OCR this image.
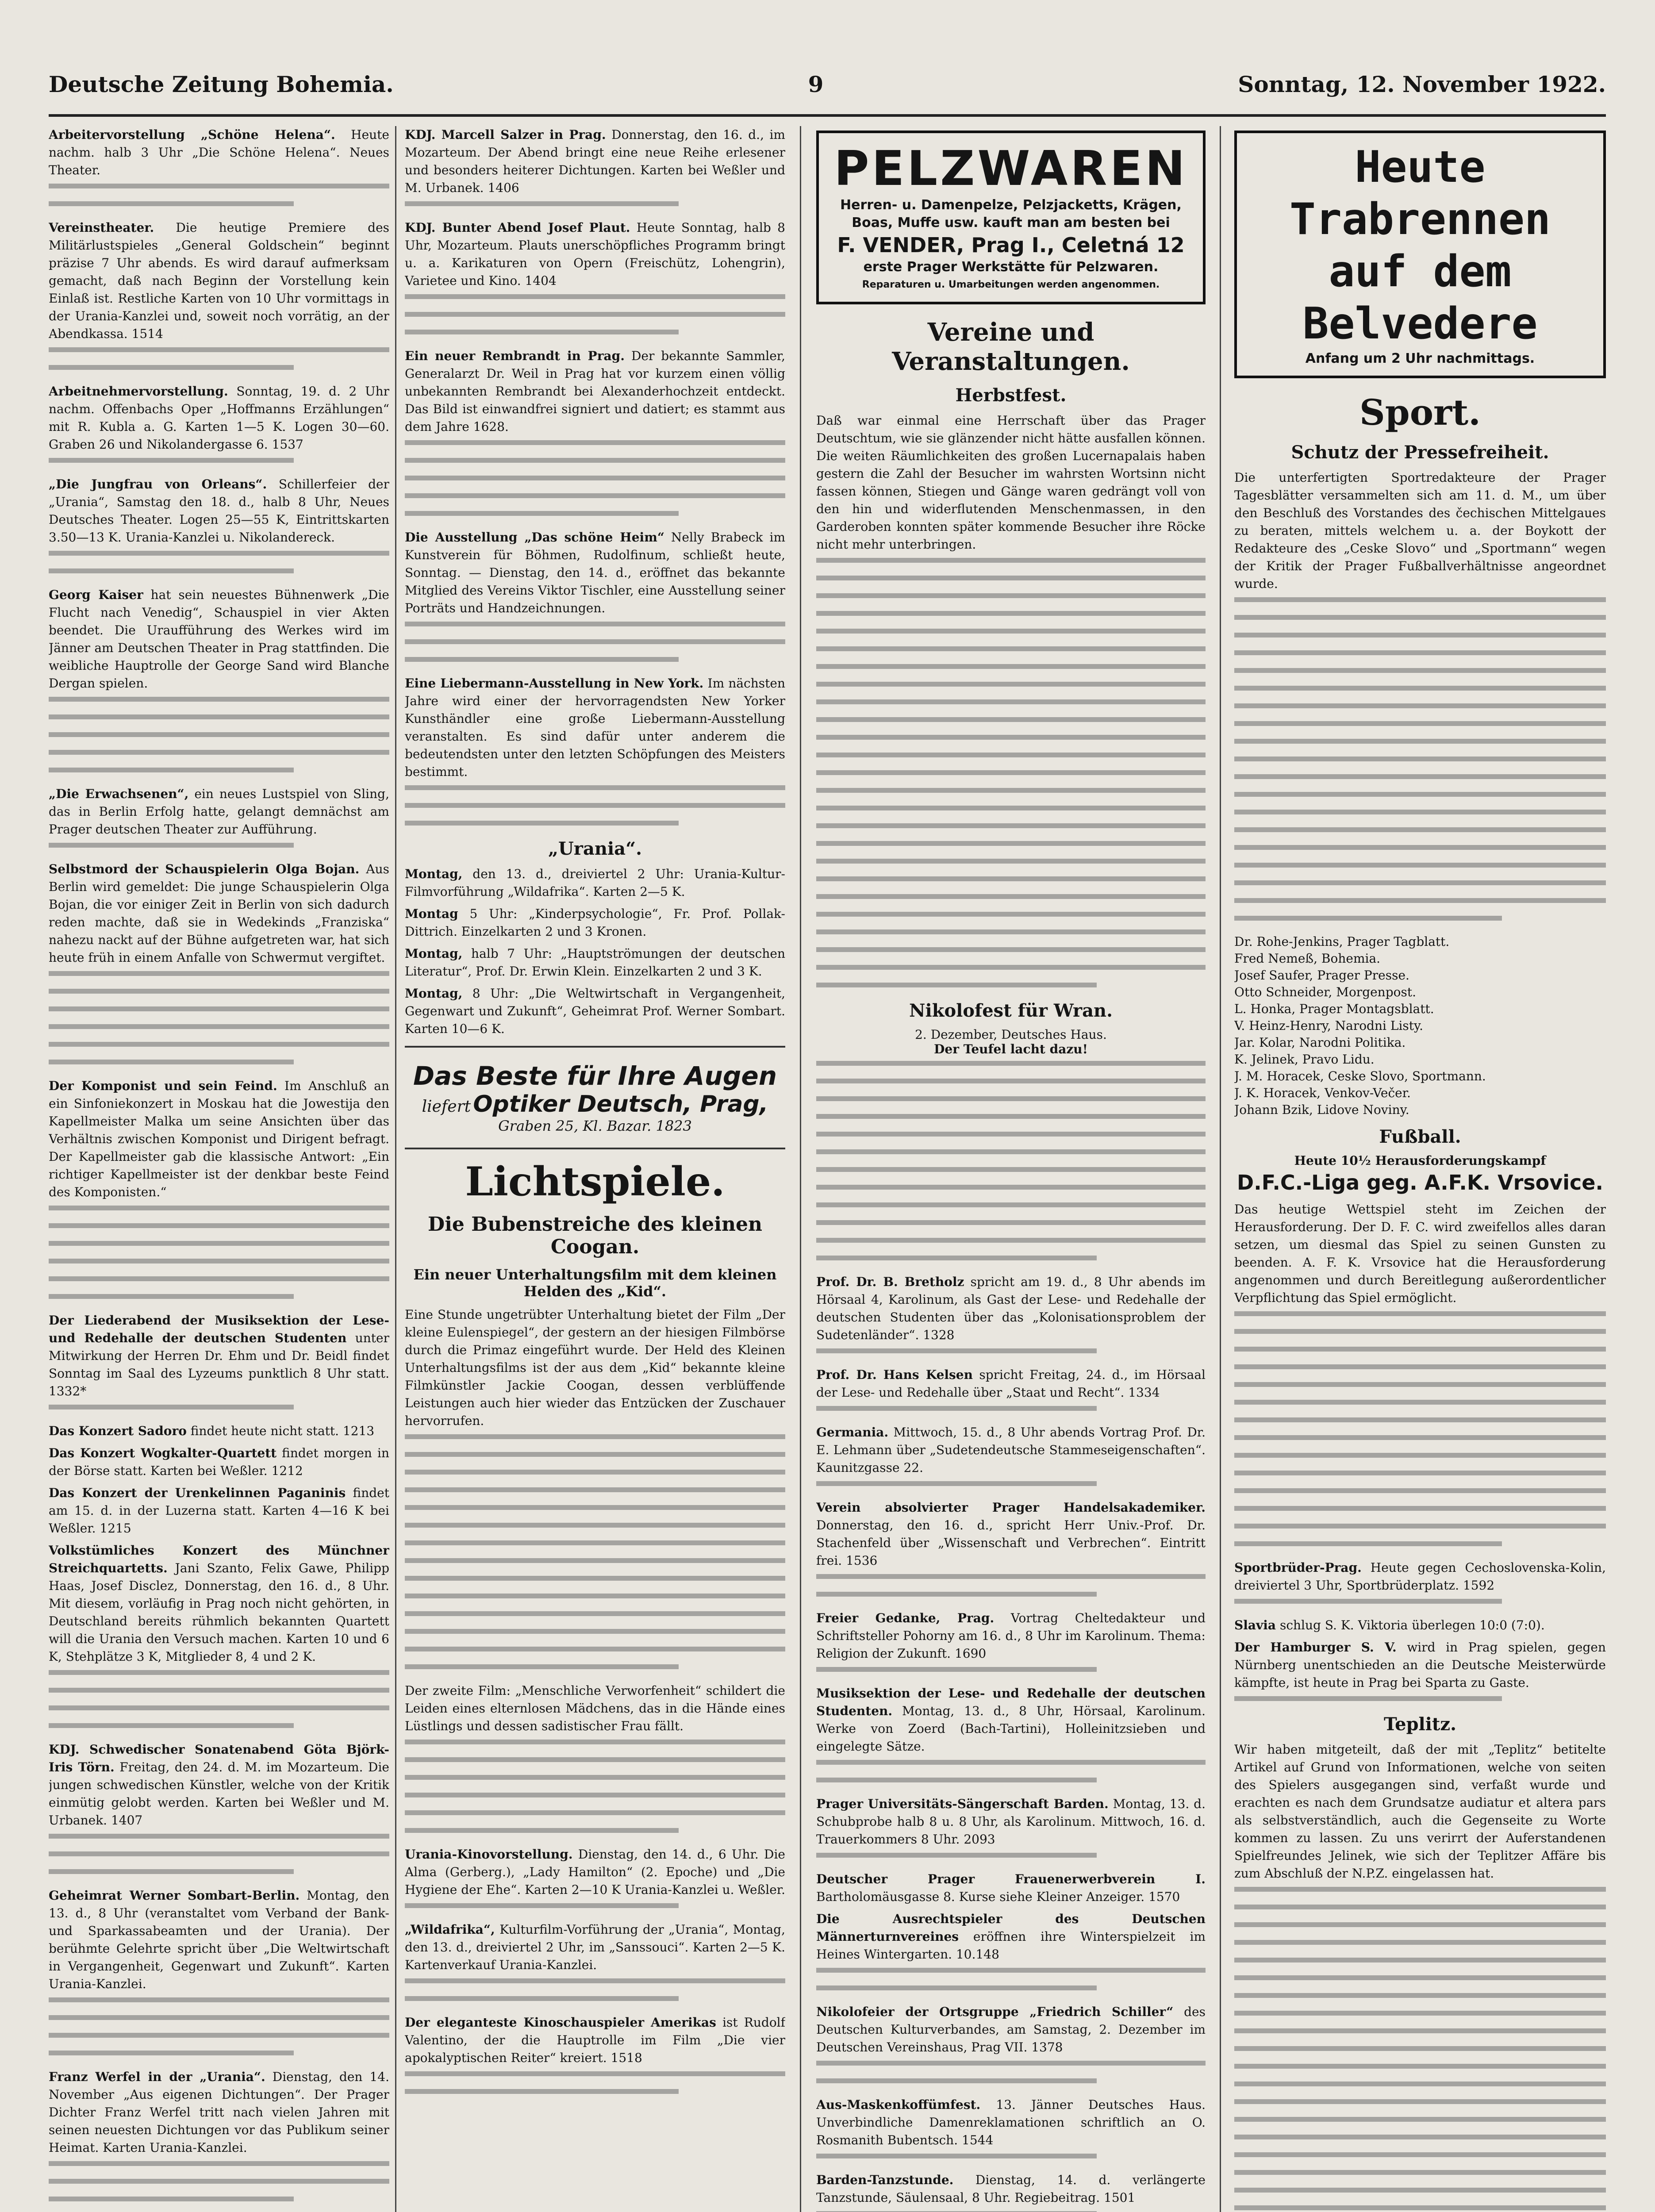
Deutsche Zeitung Bohemia.	9	Sonntag, 12. November 1922.

Arbeitervorstellung „Schöne Helena“. Heute nachm. halb 3 Uhr „Die Schöne Helena“. Neues Theater.

Vereinstheater. Die heutige Premiere des Militärlustspieles „General Goldschein“ beginnt präzise 7 Uhr abends. Es wird darauf aufmerksam gemacht, daß nach Beginn der Vorstellung kein Einlaß ist. Restliche Karten von 10 Uhr vormittags in der Urania-Kanzlei und, soweit noch vorrätig, an der Abendkassa. 1514

Arbeitnehmervorstellung. Sonntag, 19. d. 2 Uhr nachm. Offenbachs Oper „Hoffmanns Erzählungen“ mit R. Kubla a. G. Karten 1—5 K. Logen 30—60. Graben 26 und Nikolandergasse 6. 1537

„Die Jungfrau von Orleans“. Schillerfeier der „Urania“, Samstag den 18. d., halb 8 Uhr, Neues Deutsches Theater. Logen 25—55 K, Eintrittskarten 3.50—13 K. Urania-Kanzlei u. Nikolandereck.

Georg Kaiser hat sein neuestes Bühnenwerk „Die Flucht nach Venedig“, Schauspiel in vier Akten beendet. Die Uraufführung des Werkes wird im Jänner am Deutschen Theater in Prag stattfinden. Die weibliche Hauptrolle der George Sand wird Blanche Dergan spielen.

„Die Erwachsenen“, ein neues Lustspiel von Sling, das in Berlin Erfolg hatte, gelangt demnächst am Prager deutschen Theater zur Aufführung.

Selbstmord der Schauspielerin Olga Bojan. Aus Berlin wird gemeldet: Die junge Schauspielerin Olga Bojan, die vor einiger Zeit in Berlin von sich dadurch reden machte, daß sie in Wedekinds „Franziska“ nahezu nackt auf der Bühne aufgetreten war, hat sich heute früh in einem Anfalle von Schwermut vergiftet.

Der Komponist und sein Feind. Im Anschluß an ein Sinfoniekonzert in Moskau hat die Jowestija den Kapellmeister Malka um seine Ansichten über das Verhältnis zwischen Komponist und Dirigent befragt. Der Kapellmeister gab die klassische Antwort: „Ein richtiger Kapellmeister ist der denkbar beste Feind des Komponisten.“

Der Liederabend der Musiksektion der Lese- und Redehalle der deutschen Studenten unter Mitwirkung der Herren Dr. Ehm und Dr. Beidl findet Sonntag im Saal des Lyzeums punktlich 8 Uhr statt. 1332*

Das Konzert Sadoro findet heute nicht statt. 1213

Das Konzert Wogkalter-Quartett findet morgen in der Börse statt. Karten bei Weßler. 1212

Das Konzert der Urenkelinnen Paganinis findet am 15. d. in der Luzerna statt. Karten 4—16 K bei Weßler. 1215

Volkstümliches Konzert des Münchner Streichquartetts. Jani Szanto, Felix Gawe, Philipp Haas, Josef Disclez, Donnerstag, den 16. d., 8 Uhr. Mit diesem, vorläufig in Prag noch nicht gehörten, in Deutschland bereits rühmlich bekannten Quartett will die Urania den Versuch machen. Karten 10 und 6 K, Stehplätze 3 K, Mitglieder 8, 4 und 2 K.

KDJ. Schwedischer Sonatenabend Göta Björk-Iris Törn. Freitag, den 24. d. M. im Mozarteum. Die jungen schwedischen Künstler, welche von der Kritik einmütig gelobt werden. Karten bei Weßler und M. Urbanek. 1407

Geheimrat Werner Sombart-Berlin. Montag, den 13. d., 8 Uhr (veranstaltet vom Verband der Bank- und Sparkassabeamten und der Urania). Der berühmte Gelehrte spricht über „Die Weltwirtschaft in Vergangenheit, Gegenwart und Zukunft“. Karten Urania-Kanzlei.

Franz Werfel in der „Urania“. Dienstag, den 14. November „Aus eigenen Dichtungen“. Der Prager Dichter Franz Werfel tritt nach vielen Jahren mit seinen neuesten Dichtungen vor das Publikum seiner Heimat. Karten Urania-Kanzlei.

KDJ. Marcell Salzer in Prag. Donnerstag, den 16. d., im Mozarteum. Der Abend bringt eine neue Reihe erlesener und besonders heiterer Dichtungen. Karten bei Weßler und M. Urbanek. 1406

KDJ. Bunter Abend Josef Plaut. Heute Sonntag, halb 8 Uhr, Mozarteum. Plauts unerschöpfliches Programm bringt u. a. Karikaturen von Opern (Freischütz, Lohengrin), Varietee und Kino. 1404

Ein neuer Rembrandt in Prag. Der bekannte Sammler, Generalarzt Dr. Weil in Prag hat vor kurzem einen völlig unbekannten Rembrandt bei Alexanderhochzeit entdeckt. Das Bild ist einwandfrei signiert und datiert; es stammt aus dem Jahre 1628.

Die Ausstellung „Das schöne Heim“ Nelly Brabeck im Kunstverein für Böhmen, Rudolfinum, schließt heute, Sonntag. — Dienstag, den 14. d., eröffnet das bekannte Mitglied des Vereins Viktor Tischler, eine Ausstellung seiner Porträts und Handzeichnungen.

Eine Liebermann-Ausstellung in New York. Im nächsten Jahre wird einer der hervorragendsten New Yorker Kunsthändler eine große Liebermann-Ausstellung veranstalten. Es sind dafür unter anderem die bedeutendsten unter den letzten Schöpfungen des Meisters bestimmt.

„Urania“.

Montag, den 13. d., dreiviertel 2 Uhr: Urania-Kultur-Filmvorführung „Wildafrika“. Karten 2—5 K.

Montag 5 Uhr: „Kinderpsychologie“, Fr. Prof. Pollak-Dittrich. Einzelkarten 2 und 3 Kronen.

Montag, halb 7 Uhr: „Hauptströmungen der deutschen Literatur“, Prof. Dr. Erwin Klein. Einzelkarten 2 und 3 K.

Montag, 8 Uhr: „Die Weltwirtschaft in Vergangenheit, Gegenwart und Zukunft“, Geheimrat Prof. Werner Sombart. Karten 10—6 K.

Das Beste für Ihre Augen
liefert Optiker Deutsch, Prag,
Graben 25, Kl. Bazar. 1823
Lichtspiele.
Die Bubenstreiche des kleinen Coogan.
Ein neuer Unterhaltungsfilm mit dem kleinen Helden des „Kid“.

Eine Stunde ungetrübter Unterhaltung bietet der Film „Der kleine Eulenspiegel“, der gestern an der hiesigen Filmbörse durch die Primaz eingeführt wurde. Der Held des Kleinen Unterhaltungsfilms ist der aus dem „Kid“ bekannte kleine Filmkünstler Jackie Coogan, dessen verblüffende Leistungen auch hier wieder das Entzücken der Zuschauer hervorrufen.

Der zweite Film: „Menschliche Verworfenheit“ schildert die Leiden eines elternlosen Mädchens, das in die Hände eines Lüstlings und dessen sadistischer Frau fällt.

Urania-Kinovorstellung. Dienstag, den 14. d., 6 Uhr. Die Alma (Gerberg.), „Lady Hamilton“ (2. Epoche) und „Die Hygiene der Ehe“. Karten 2—10 K Urania-Kanzlei u. Weßler.

„Wildafrika“, Kulturfilm-Vorführung der „Urania“, Montag, den 13. d., dreiviertel 2 Uhr, im „Sanssouci“. Karten 2—5 K. Kartenverkauf Urania-Kanzlei.

Der eleganteste Kinoschauspieler Amerikas ist Rudolf Valentino, der die Hauptrolle im Film „Die vier apokalyptischen Reiter“ kreiert. 1518

PELZWAREN
Herren- u. Damenpelze, Pelzjacketts, Krägen, Boas, Muffe usw. kauft man am besten bei
F. VENDER, Prag I., Celetná 12
erste Prager Werkstätte für Pelzwaren.
Reparaturen u. Umarbeitungen werden angenommen.
Vereine und Veranstaltungen.
Herbstfest.

Daß war einmal eine Herrschaft über das Prager Deutschtum, wie sie glänzender nicht hätte ausfallen können. Die weiten Räumlichkeiten des großen Lucernapalais haben gestern die Zahl der Besucher im wahrsten Wortsinn nicht fassen können, Stiegen und Gänge waren gedrängt voll von den hin und widerflutenden Menschenmassen, in den Garderoben konnten später kommende Besucher ihre Röcke nicht mehr unterbringen.

Nikolofest für Wran.
2. Dezember, Deutsches Haus.
Der Teufel lacht dazu!

Prof. Dr. B. Bretholz spricht am 19. d., 8 Uhr abends im Hörsaal 4, Karolinum, als Gast der Lese- und Redehalle der deutschen Studenten über das „Kolonisationsproblem der Sudetenländer“. 1328

Prof. Dr. Hans Kelsen spricht Freitag, 24. d., im Hörsaal der Lese- und Redehalle über „Staat und Recht“. 1334

Germania. Mittwoch, 15. d., 8 Uhr abends Vortrag Prof. Dr. E. Lehmann über „Sudetendeutsche Stammeseigenschaften“. Kaunitzgasse 22.

Verein absolvierter Prager Handelsakademiker. Donnerstag, den 16. d., spricht Herr Univ.-Prof. Dr. Stachenfeld über „Wissenschaft und Verbrechen“. Eintritt frei. 1536

Freier Gedanke, Prag. Vortrag Cheltedakteur und Schriftsteller Pohorny am 16. d., 8 Uhr im Karolinum. Thema: Religion der Zukunft. 1690

Musiksektion der Lese- und Redehalle der deutschen Studenten. Montag, 13. d., 8 Uhr, Hörsaal, Karolinum. Werke von Zoerd (Bach-Tartini), Holleinitzsieben und eingelegte Sätze.

Prager Universitäts-Sängerschaft Barden. Montag, 13. d. Schubprobe halb 8 u. 8 Uhr, als Karolinum. Mittwoch, 16. d. Trauerkommers 8 Uhr. 2093

Deutscher Prager Frauenerwerbverein I. Bartholomäusgasse 8. Kurse siehe Kleiner Anzeiger. 1570

Die Ausrechtspieler des Deutschen Männerturnvereines eröffnen ihre Winterspielzeit im Heines Wintergarten. 10.148

Nikolofeier der Ortsgruppe „Friedrich Schiller“ des Deutschen Kulturverbandes, am Samstag, 2. Dezember im Deutschen Vereinshaus, Prag VII. 1378

Aus-Maskenkoffümfest. 13. Jänner Deutsches Haus. Unverbindliche Damenreklamationen schriftlich an O. Rosmanith Bubentsch. 1544

Barden-Tanzstunde. Dienstag, 14. d. verlängerte Tanzstunde, Säulensaal, 8 Uhr. Regiebeitrag. 1501

Heute Trabrennen
auf dem Belvedere
Anfang um 2 Uhr nachmittags.
Sport.
Schutz der Pressefreiheit.

Die unterfertigten Sportredakteure der Prager Tagesblätter versammelten sich am 11. d. M., um über den Beschluß des Vorstandes des čechischen Mittelgaues zu beraten, mittels welchem u. a. der Boykott der Redakteure des „Ceske Slovo“ und „Sportmann“ wegen der Kritik der Prager Fußballverhältnisse angeordnet wurde.

Dr. Rohe-Jenkins, Prager Tagblatt.
Fred Nemeß, Bohemia.
Josef Saufer, Prager Presse.
Otto Schneider, Morgenpost.
L. Honka, Prager Montagsblatt.
V. Heinz-Henry, Narodni Listy.
Jar. Kolar, Narodni Politika.
K. Jelinek, Pravo Lidu.
J. M. Horacek, Ceske Slovo, Sportmann.
J. K. Horacek, Venkov-Večer.
Johann Bzik, Lidove Noviny.
Fußball.
Heute 10½ Herausforderungskampf
D.F.C.-Liga geg. A.F.K. Vrsovice.

Das heutige Wettspiel steht im Zeichen der Herausforderung. Der D. F. C. wird zweifellos alles daran setzen, um diesmal das Spiel zu seinen Gunsten zu beenden. A. F. K. Vrsovice hat die Herausforderung angenommen und durch Bereitlegung außerordentlicher Verpflichtung das Spiel ermöglicht.

Sportbrüder-Prag. Heute gegen Cechoslovenska-Kolin, dreiviertel 3 Uhr, Sportbrüderplatz. 1592

Slavia schlug S. K. Viktoria überlegen 10:0 (7:0).

Der Hamburger S. V. wird in Prag spielen, gegen Nürnberg unentschieden an die Deutsche Meisterwürde kämpfte, ist heute in Prag bei Sparta zu Gaste.

Teplitz.

Wir haben mitgeteilt, daß der mit „Teplitz“ betitelte Artikel auf Grund von Informationen, welche von seiten des Spielers ausgegangen sind, verfaßt wurde und erachten es nach dem Grundsatze audiatur et altera pars als selbstverständlich, auch die Gegenseite zu Worte kommen zu lassen. Zu uns verirrt der Auferstandenen Spielfreundes Jelinek, wie sich der Teplitzer Affäre bis zum Abschluß der N.P.Z. eingelassen hat.
